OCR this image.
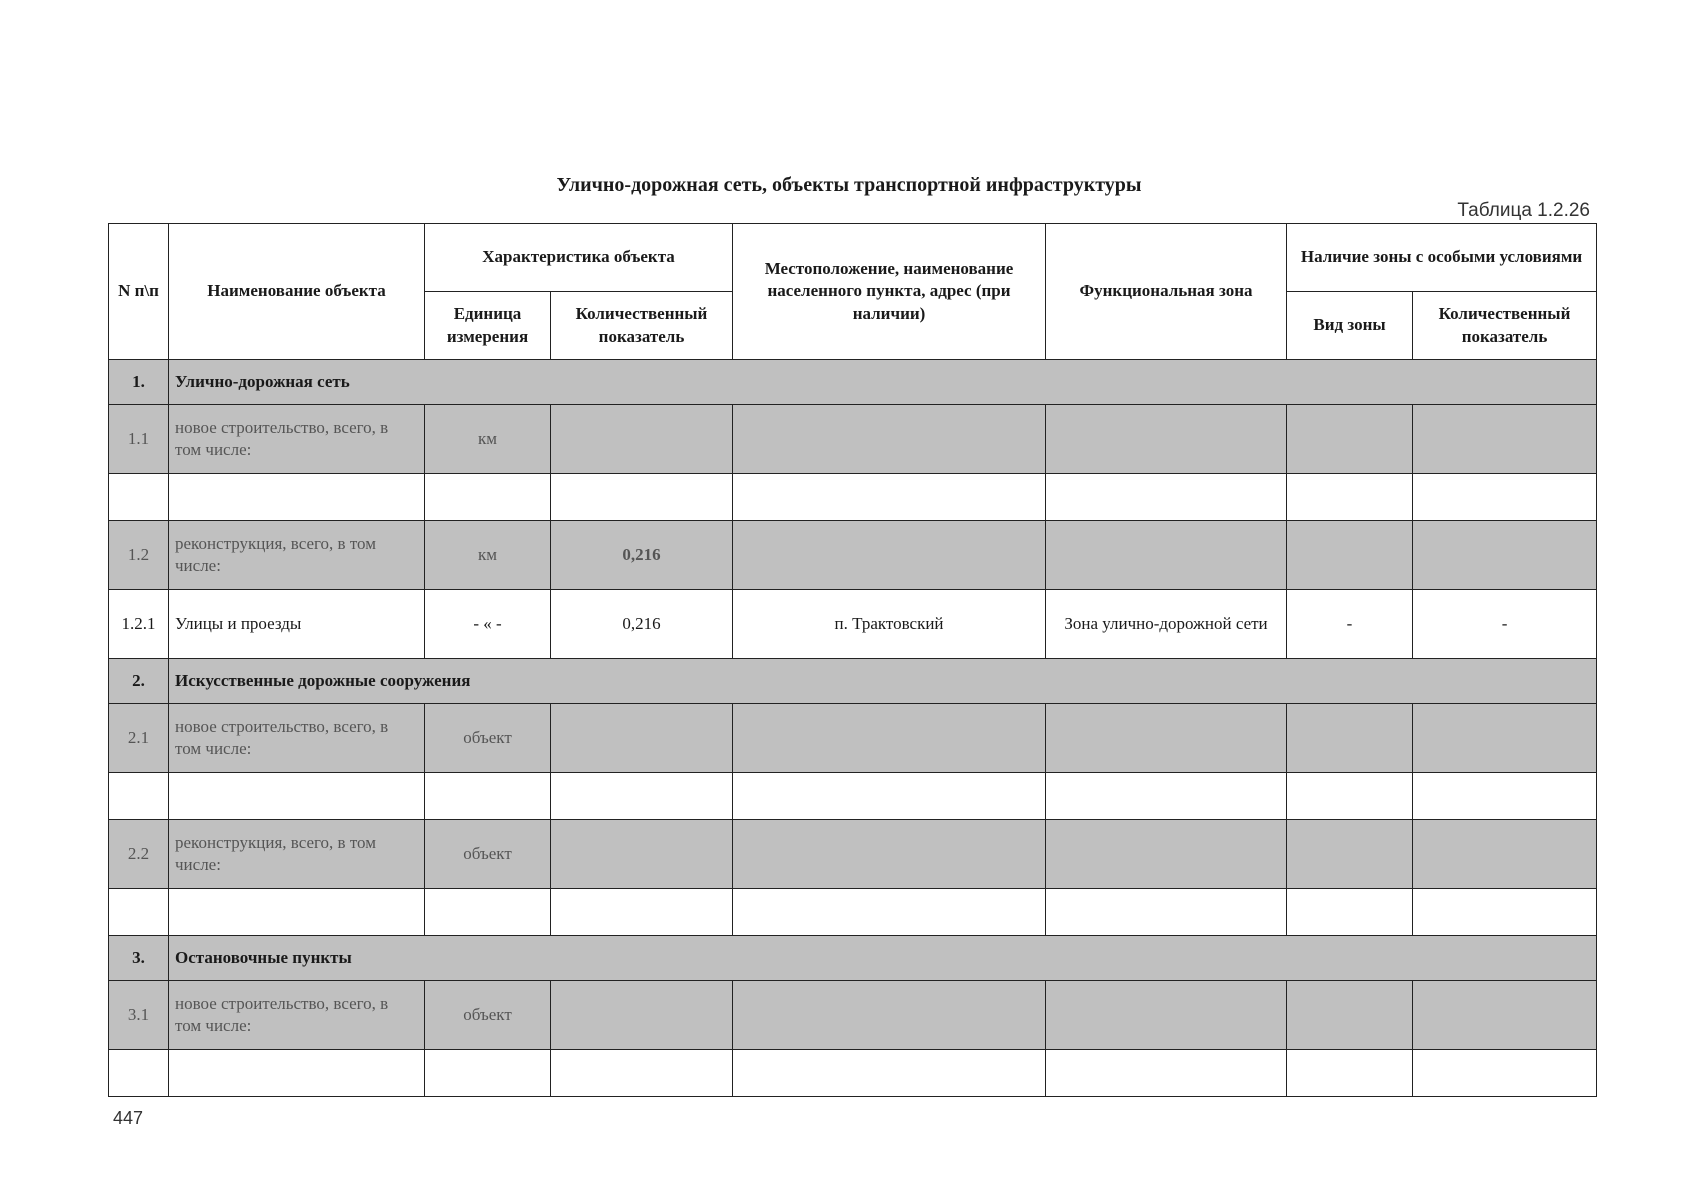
Улично-дорожная сеть, объекты транспортной инфраструктуры
Таблица 1.2.26
N п\п	Наименование объекта	Характеристика объекта		Местоположение, наименование населенного пункта, адрес (при наличии)	Функциональная зона	Наличие зоны с особыми условиями	
		Единица измерения	Количественный показатель			Вид зоны	Количественный показатель
1.	Улично-дорожная сеть						
1.1	новое строительство, всего, в том числе:	км					

1.2	реконструкция, всего, в том числе:	км	0,216				
1.2.1	Улицы и проезды	- « -	0,216	п. Трактовский	Зона улично-дорожной сети	-	-
2.	Искусственные дорожные сооружения						
2.1	новое строительство, всего, в том числе:	объект					

2.2	реконструкция, всего, в том числе:	объект					

3.	Остановочные пункты						
3.1	новое строительство, всего, в том числе:	объект					

447
